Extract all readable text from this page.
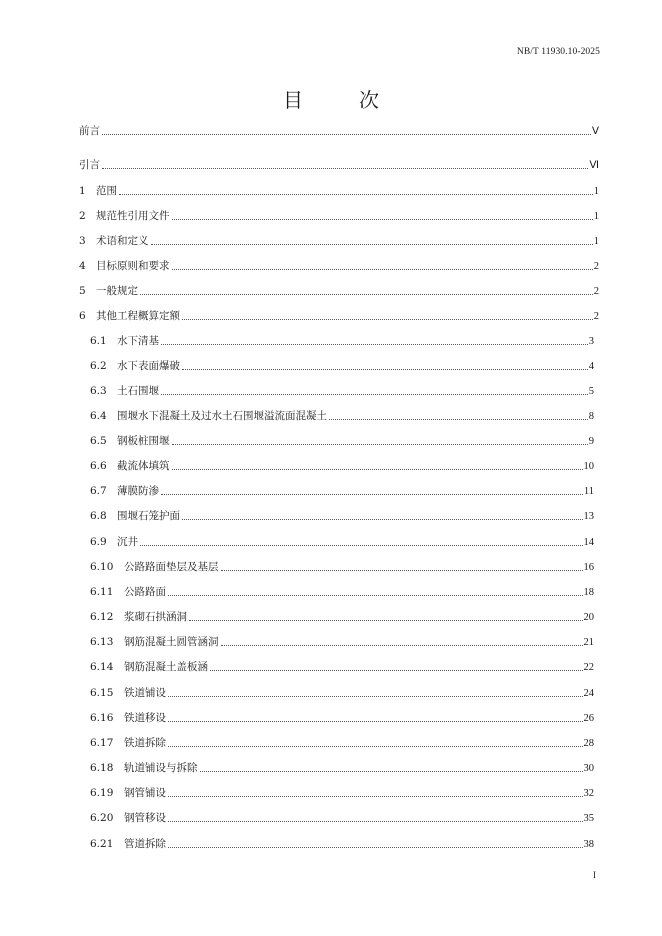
NB/T 11930.10-2025
目　次
前言	Ⅴ
引言	Ⅵ
1 范围	1
2 规范性引用文件	1
3 术语和定义	1
4 目标原则和要求	2
5 一般规定	2
6 其他工程概算定额	2
6.1 水下清基	3
6.2 水下表面爆破	4
6.3 土石围堰	5
6.4 围堰水下混凝土及过水土石围堰溢流面混凝土	8
6.5 钢板桩围堰	9
6.6 截流体填筑	10
6.7 薄膜防渗	11
6.8 围堰石笼护面	13
6.9 沉井	14
6.10	公路路面垫层及基层	16
6.11	公路路面	18
6.12	浆砌石拱涵洞	20
6.13	钢筋混凝土圆管涵洞	21
6.14	钢筋混凝土盖板涵	22
6.15	铁道铺设	24
6.16	铁道移设	26
6.17	铁道拆除	28
6.18	轨道铺设与拆除	30
6.19	钢管铺设	32
6.20	钢管移设	35
6.21	管道拆除	38
I
